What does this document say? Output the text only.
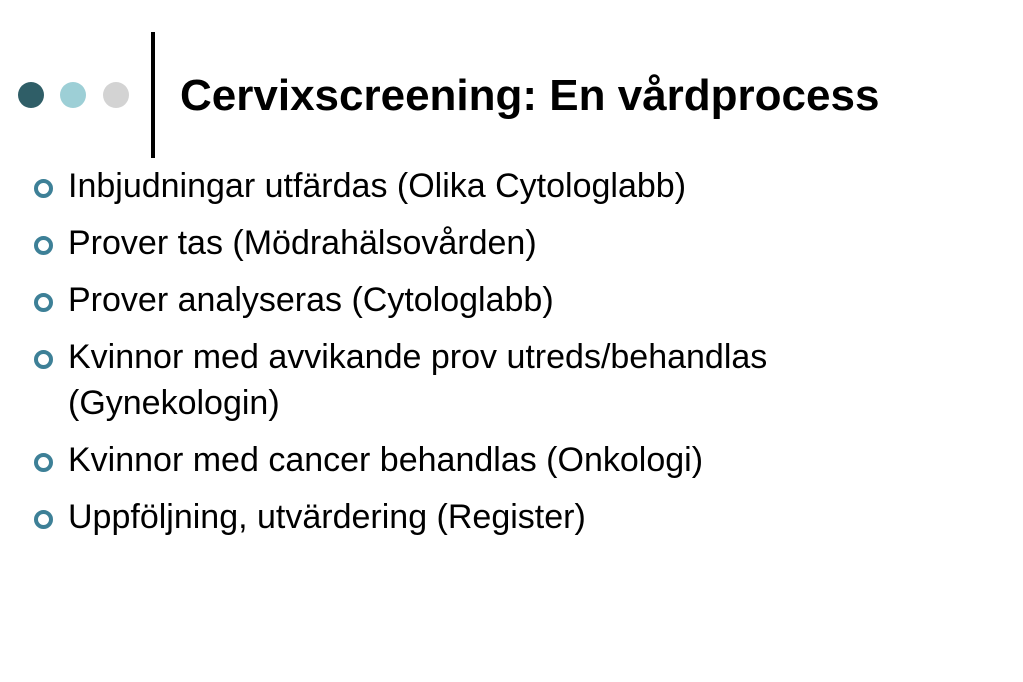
Cervixscreening: En vårdprocess
Inbjudningar utfärdas (Olika Cytologlabb)
Prover tas (Mödrahälsovården)
Prover analyseras (Cytologlabb)
Kvinnor med avvikande prov utreds/behandlas (Gynekologin)
Kvinnor med cancer behandlas (Onkologi)
Uppföljning, utvärdering (Register)
